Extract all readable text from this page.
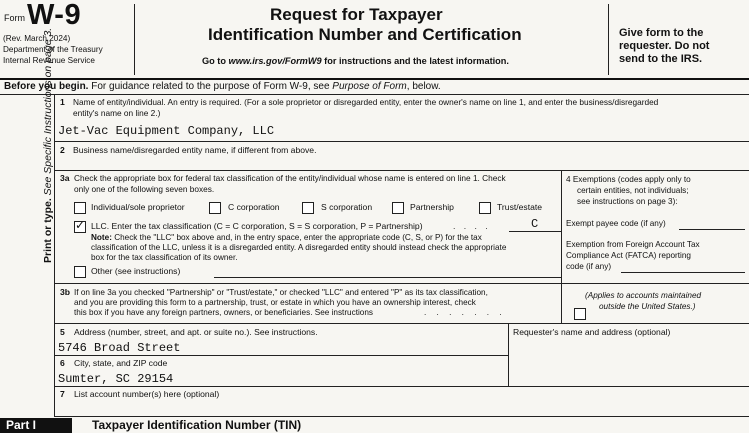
Form W-9
(Rev. March 2024)
Department of the Treasury
Internal Revenue Service
Request for Taxpayer
Identification Number and Certification
Go to www.irs.gov/FormW9 for instructions and the latest information.
Give form to the
requester. Do not
send to the IRS.
Before you begin. For guidance related to the purpose of Form W-9, see Purpose of Form, below.
Print or type. See Specific Instructions on page 3. 1 Name of entity/individual. An entry is required. (For a sole proprietor or disregarded entity, enter the owner's name on line 1, and enter the business/disregarded
entity's name on line 2.)
Jet-Vac Equipment Company, LLC
2 Business name/disregarded entity name, if different from above.
3a Check the appropriate box for federal tax classification of the entity/individual whose name is entered on line 1. Check
only one of the following seven boxes.
Individual/sole proprietor	C corporation	S corporation	Partnership	Trust/estate
✓ LLC. Enter the tax classification (C = C corporation, S = S corporation, P = Partnership)	. . . .	C
Note: Check the "LLC" box above and, in the entry space, enter the appropriate code (C, S, or P) for the tax
classification of the LLC, unless it is a disregarded entity. A disregarded entity should instead check the appropriate
box for the tax classification of its owner.
Other (see instructions)
3b If on line 3a you checked "Partnership" or "Trust/estate," or checked "LLC" and entered "P" as its tax classification,
and you are providing this form to a partnership, trust, or estate in which you have an ownership interest, check
this box if you have any foreign partners, owners, or beneficiaries. See instructions	. . . . . . .
4 Exemptions (codes apply only to
certain entities, not individuals;
see instructions on page 3):
Exempt payee code (if any)
Exemption from Foreign Account Tax
Compliance Act (FATCA) reporting
code (if any)
(Applies to accounts maintained
outside the United States.)
5 Address (number, street, and apt. or suite no.). See instructions.
5746 Broad Street
Requester's name and address (optional)
6 City, state, and ZIP code
Sumter, SC 29154
7 List account number(s) here (optional)
Part I	Taxpayer Identification Number (TIN)
